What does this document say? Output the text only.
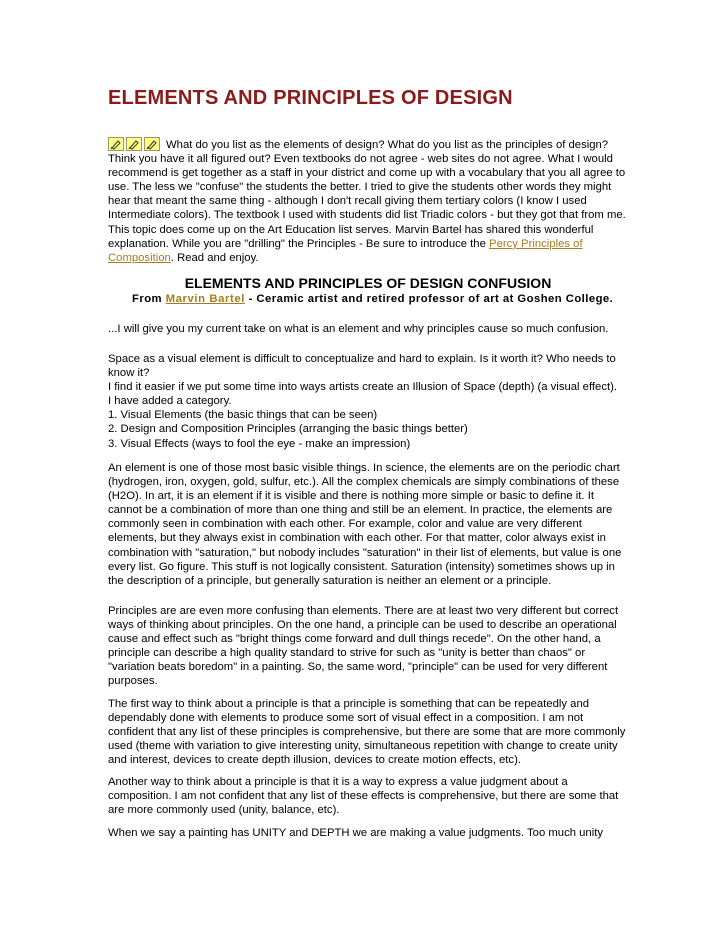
ELEMENTS AND PRINCIPLES OF DESIGN
What do you list as the elements of design? What do you list as the principles of design? Think you have it all figured out? Even textbooks do not agree - web sites do not agree. What I would recommend is get together as a staff in your district and come up with a vocabulary that you all agree to use. The less we "confuse" the students the better. I tried to give the students other words they might hear that meant the same thing - although I don't recall giving them tertiary colors (I know I used Intermediate colors). The textbook I used with students did list Triadic colors - but they got that from me. This topic does come up on the Art Education list serves. Marvin Bartel has shared this wonderful explanation. While you are "drilling" the Principles - Be sure to introduce the Percy Principles of Composition. Read and enjoy.
ELEMENTS AND PRINCIPLES OF DESIGN CONFUSION
From Marvin Bartel - Ceramic artist and retired professor of art at Goshen College.
...I will give you my current take on what is an element and why principles cause so much confusion.

Space as a visual element is difficult to conceptualize and hard to explain. Is it worth it? Who needs to know it?

I find it easier if we put some time into ways artists create an Illusion of Space (depth) (a visual effect).

I have added a category.

1. Visual Elements (the basic things that can be seen)

2. Design and Composition Principles (arranging the basic things better)

3. Visual Effects (ways to fool the eye - make an impression)

An element is one of those most basic visible things. In science, the elements are on the periodic chart (hydrogen, iron, oxygen, gold, sulfur, etc.). All the complex chemicals are simply combinations of these (H2O). In art, it is an element if it is visible and there is nothing more simple or basic to define it. It cannot be a combination of more than one thing and still be an element. In practice, the elements are commonly seen in combination with each other. For example, color and value are very different elements, but they always exist in combination with each other. For that matter, color always exist in combination with "saturation," but nobody includes "saturation" in their list of elements, but value is one every list. Go figure. This stuff is not logically consistent. Saturation (intensity) sometimes shows up in the description of a principle, but generally saturation is neither an element or a principle.
Principles are are even more confusing than elements. There are at least two very different but correct ways of thinking about principles. On the one hand, a principle can be used to describe an operational cause and effect such as "bright things come forward and dull things recede". On the other hand, a principle can describe a high quality standard to strive for such as "unity is better than chaos" or "variation beats boredom" in a painting. So, the same word, "principle" can be used for very different purposes.
The first way to think about a principle is that a principle is something that can be repeatedly and dependably done with elements to produce some sort of visual effect in a composition. I am not confident that any list of these principles is comprehensive, but there are some that are more commonly used (theme with variation to give interesting unity, simultaneous repetition with change to create unity and interest, devices to create depth illusion, devices to create motion effects, etc).
Another way to think about a principle is that it is a way to express a value judgment about a composition. I am not confident that any list of these effects is comprehensive, but there are some that are more commonly used (unity, balance, etc).
When we say a painting has UNITY and DEPTH we are making a value judgments. Too much unity
